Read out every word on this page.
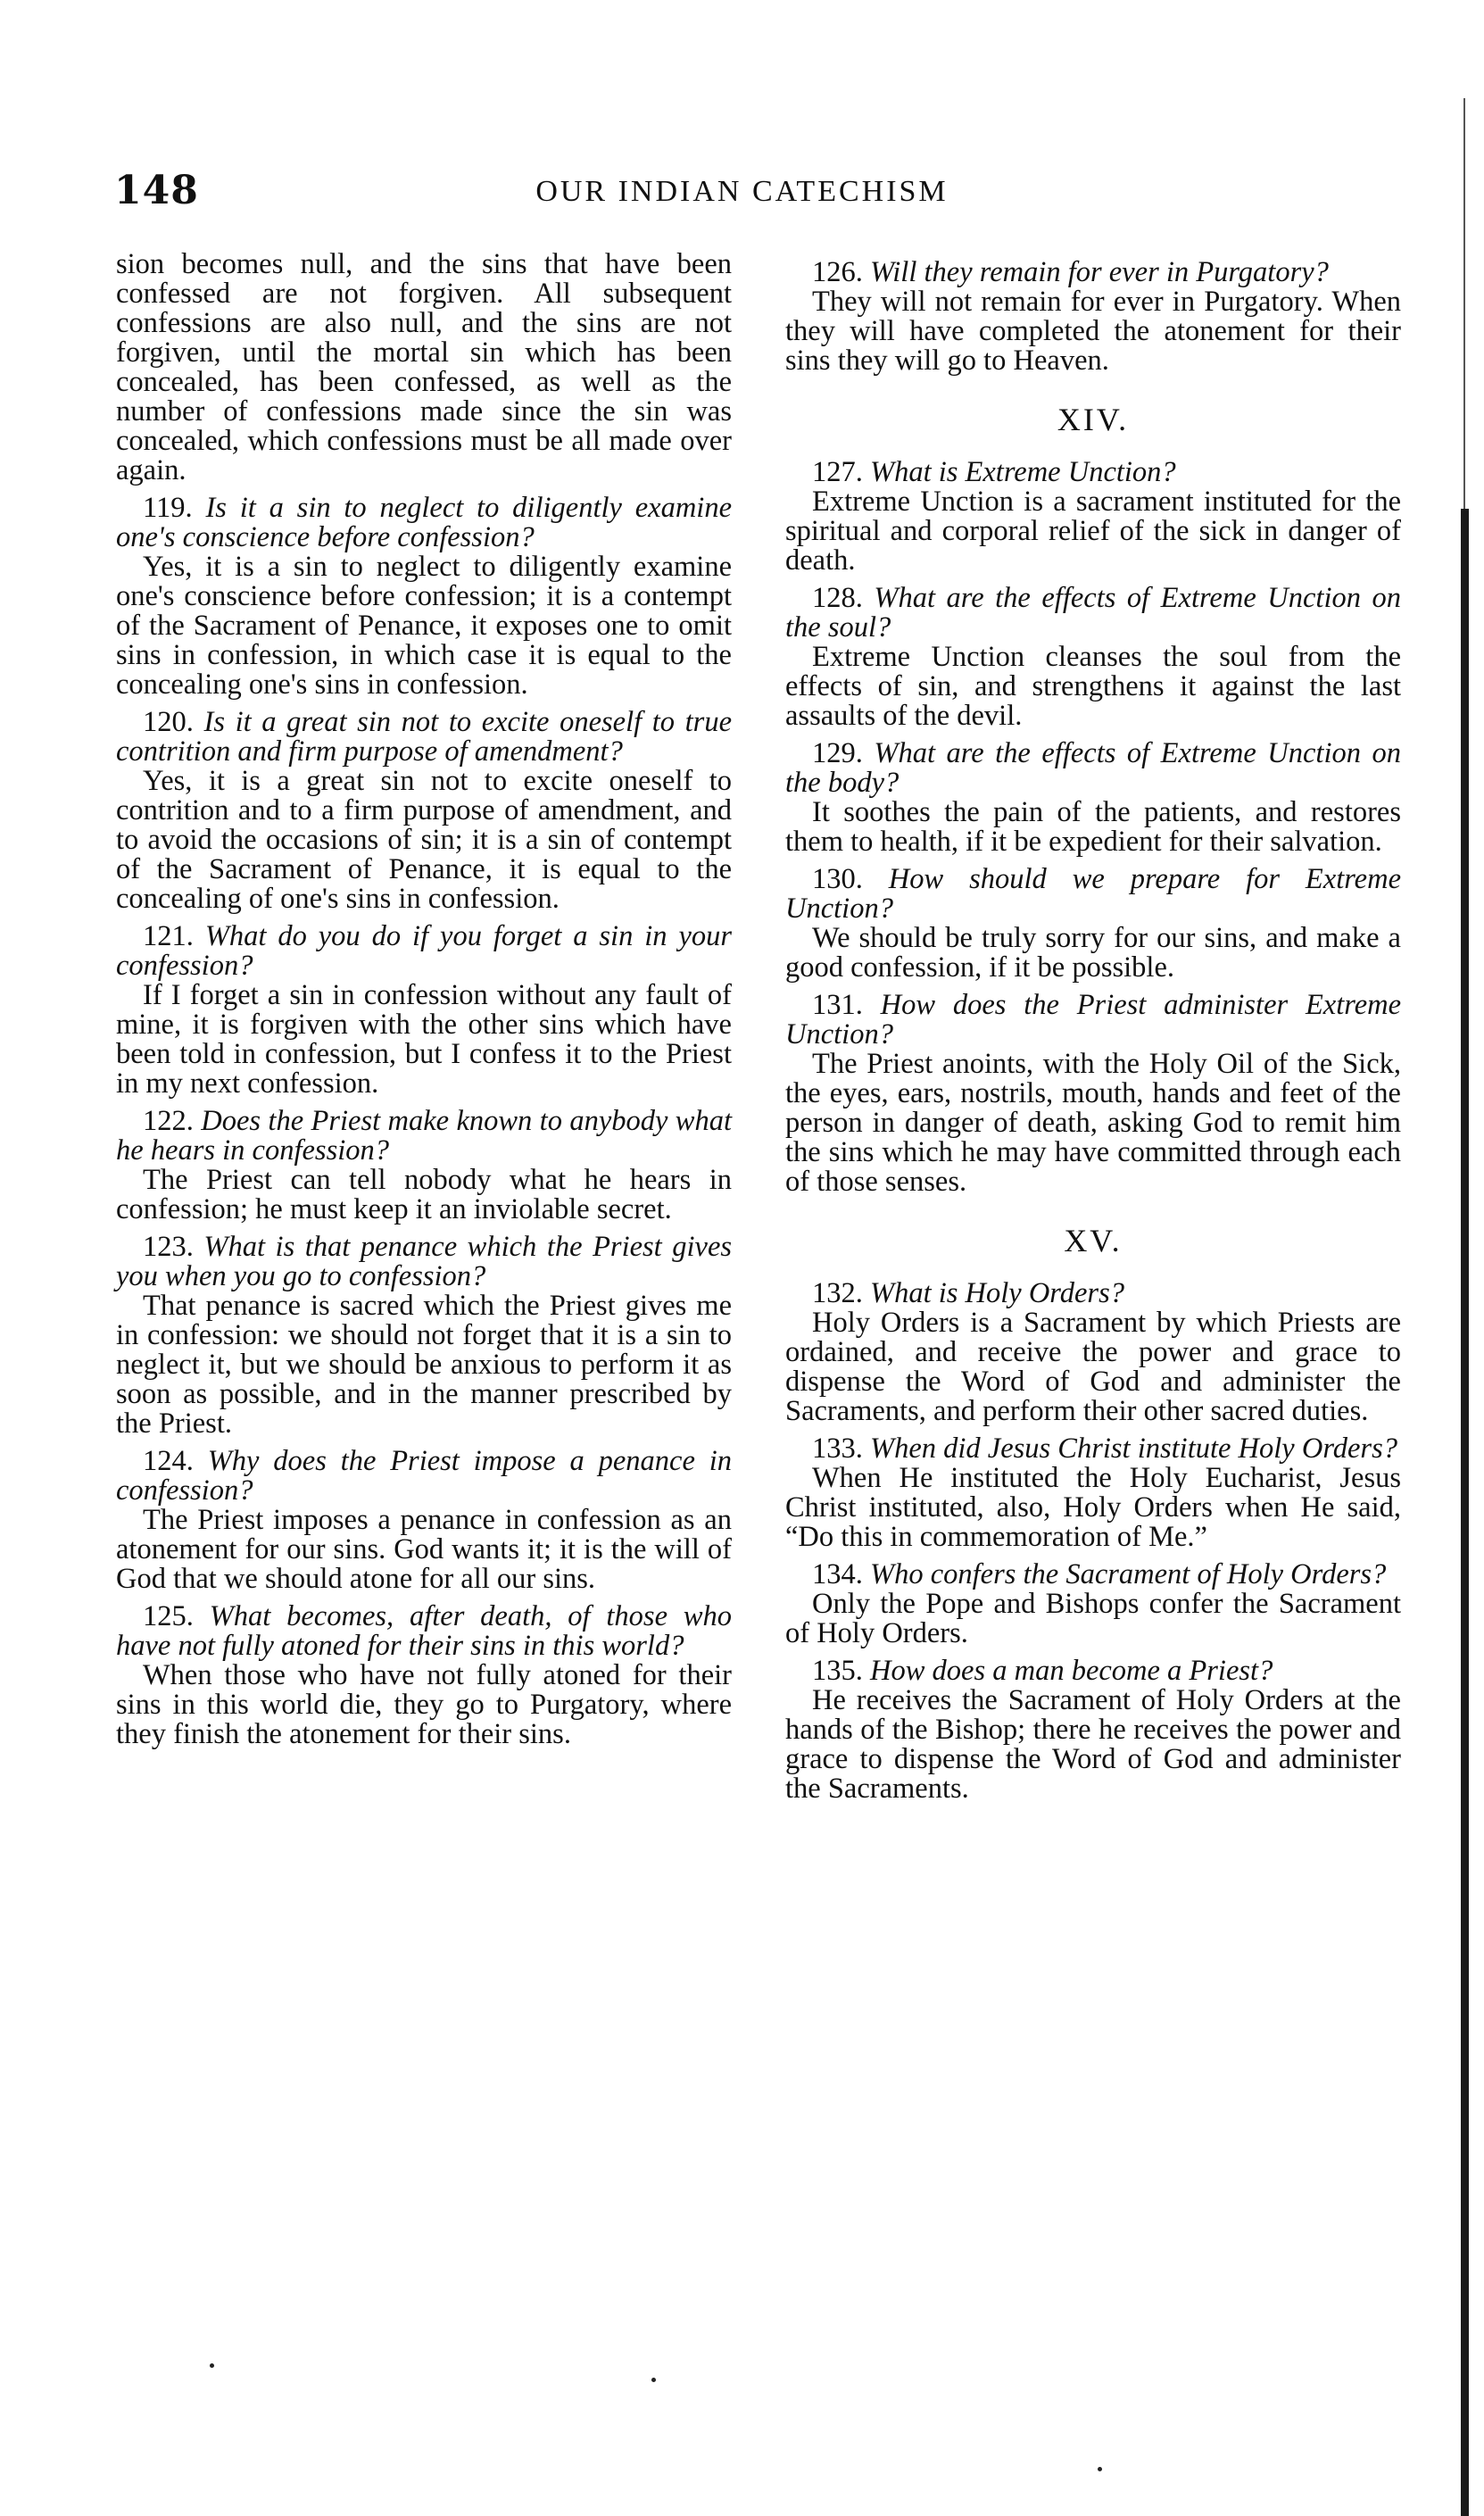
148	OUR INDIAN CATECHISM

sion becomes null, and the sins that have been confessed are not forgiven. All subsequent confessions are also null, and the sins are not forgiven, until the mortal sin which has been concealed, has been confessed, as well as the number of confessions made since the sin was concealed, which confessions must be all made over again.

119. Is it a sin to neglect to diligently examine one's conscience before confession?

Yes, it is a sin to neglect to diligently examine one's conscience before confession; it is a contempt of the Sacrament of Penance, it exposes one to omit sins in confession, in which case it is equal to the concealing one's sins in confession.

120. Is it a great sin not to excite oneself to true contrition and firm purpose of amendment?

Yes, it is a great sin not to excite oneself to contrition and to a firm purpose of amendment, and to avoid the occasions of sin; it is a sin of contempt of the Sacrament of Penance, it is equal to the concealing of one's sins in confession.

121. What do you do if you forget a sin in your confession?

If I forget a sin in confession without any fault of mine, it is forgiven with the other sins which have been told in confession, but I confess it to the Priest in my next confession.

122. Does the Priest make known to anybody what he hears in confession?

The Priest can tell nobody what he hears in confession; he must keep it an inviolable secret.

123. What is that penance which the Priest gives you when you go to confession?

That penance is sacred which the Priest gives me in confession: we should not forget that it is a sin to neglect it, but we should be anxious to perform it as soon as possible, and in the manner prescribed by the Priest.

124. Why does the Priest impose a penance in confession?

The Priest imposes a penance in confession as an atonement for our sins. God wants it; it is the will of God that we should atone for all our sins.

125. What becomes, after death, of those who have not fully atoned for their sins in this world?

When those who have not fully atoned for their sins in this world die, they go to Purgatory, where they finish the atonement for their sins.

126. Will they remain for ever in Purgatory?

They will not remain for ever in Purgatory. When they will have completed the atonement for their sins they will go to Heaven.

XIV.

127. What is Extreme Unction?

Extreme Unction is a sacrament instituted for the spiritual and corporal relief of the sick in danger of death.

128. What are the effects of Extreme Unction on the soul?

Extreme Unction cleanses the soul from the effects of sin, and strengthens it against the last assaults of the devil.

129. What are the effects of Extreme Unction on the body?

It soothes the pain of the patients, and restores them to health, if it be expedient for their salvation.

130. How should we prepare for Extreme Unction?

We should be truly sorry for our sins, and make a good confession, if it be possible.

131. How does the Priest administer Extreme Unction?

The Priest anoints, with the Holy Oil of the Sick, the eyes, ears, nostrils, mouth, hands and feet of the person in danger of death, asking God to remit him the sins which he may have committed through each of those senses.

XV.

132. What is Holy Orders?

Holy Orders is a Sacrament by which Priests are ordained, and receive the power and grace to dispense the Word of God and administer the Sacraments, and perform their other sacred duties.

133. When did Jesus Christ institute Holy Orders?

When He instituted the Holy Eucharist, Jesus Christ instituted, also, Holy Orders when He said, “Do this in commemoration of Me.”

134. Who confers the Sacrament of Holy Orders?

Only the Pope and Bishops confer the Sacrament of Holy Orders.

135. How does a man become a Priest?

He receives the Sacrament of Holy Orders at the hands of the Bishop; there he receives the power and grace to dispense the Word of God and administer the Sacraments.
